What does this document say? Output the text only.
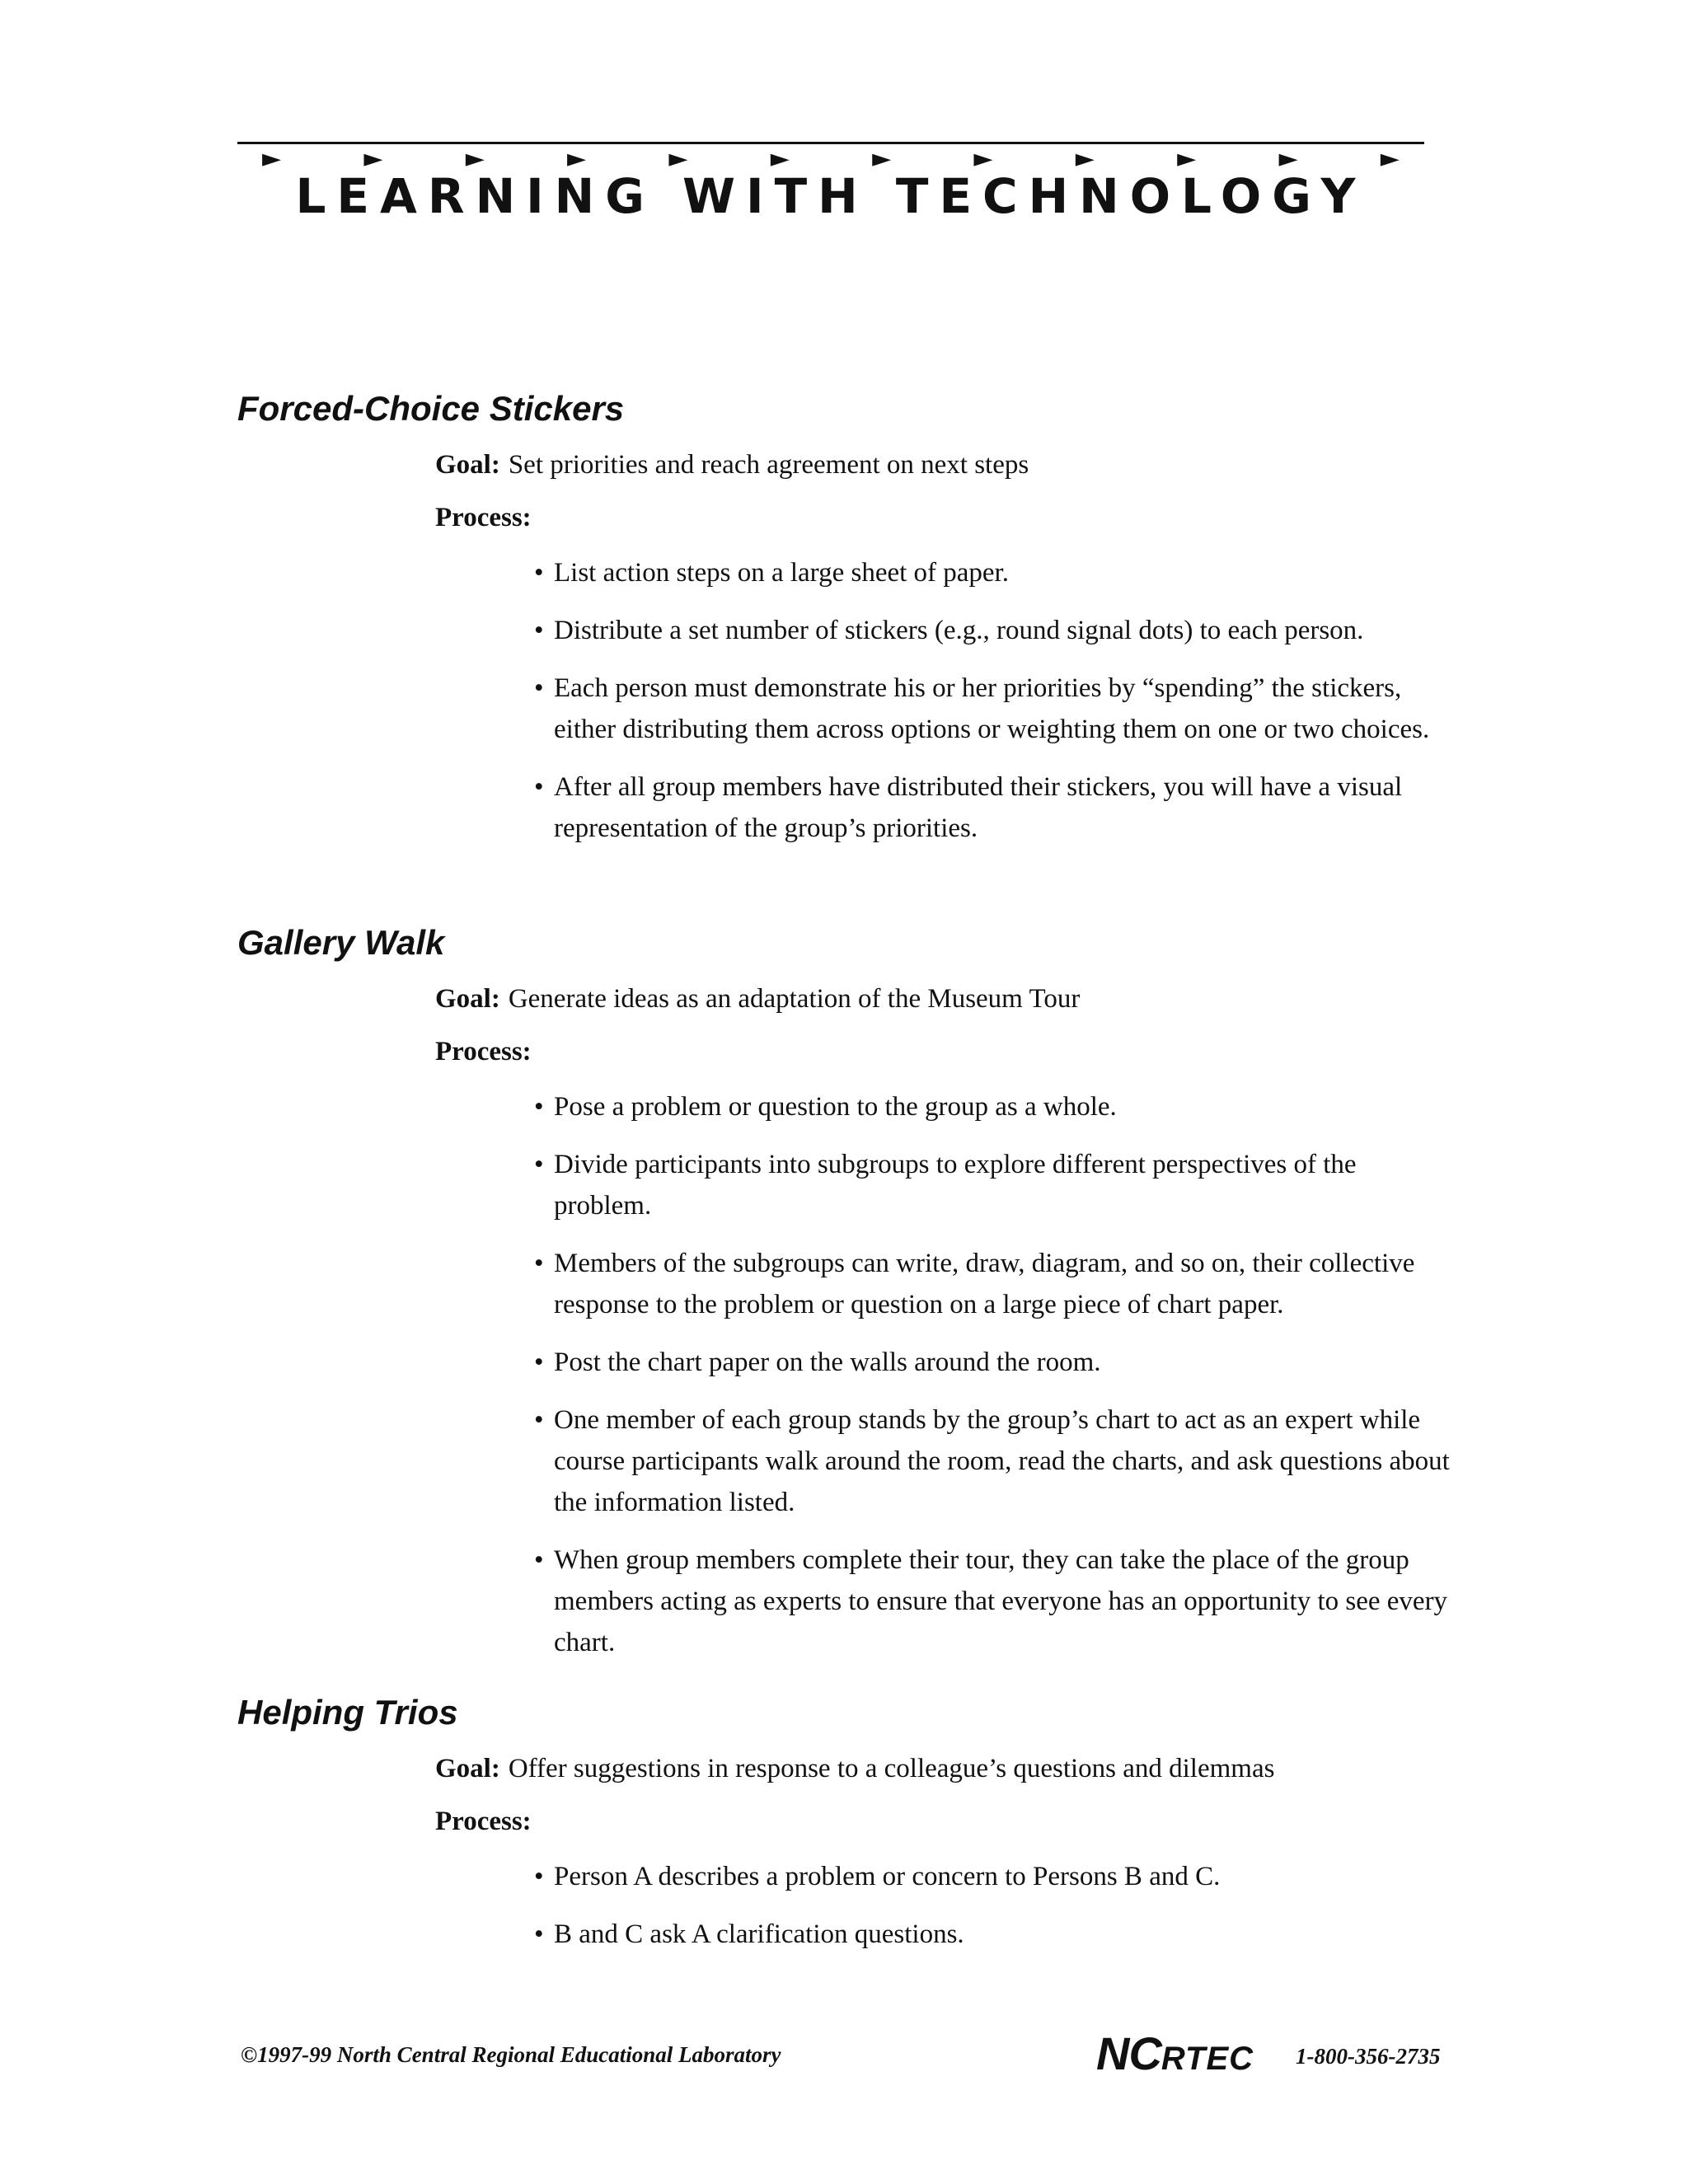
►	►	►	►	►	►	►	►	►	►	►	►
LEARNING WITH TECHNOLOGY
Forced-Choice Stickers
Goal: Set priorities and reach agreement on next steps
Process:
• List action steps on a large sheet of paper.
• Distribute a set number of stickers (e.g., round signal dots) to each person.
• Each person must demonstrate his or her priorities by “spending” the stickers, either distributing them across options or weighting them on one or two choices.
• After all group members have distributed their stickers, you will have a visual representation of the group’s priorities.
Gallery Walk
Goal: Generate ideas as an adaptation of the Museum Tour
Process:
• Pose a problem or question to the group as a whole.
• Divide participants into subgroups to explore different perspectives of the problem.
• Members of the subgroups can write, draw, diagram, and so on, their collective response to the problem or question on a large piece of chart paper.
• Post the chart paper on the walls around the room.
• One member of each group stands by the group’s chart to act as an expert while course participants walk around the room, read the charts, and ask questions about the information listed.
• When group members complete their tour, they can take the place of the group members acting as experts to ensure that everyone has an opportunity to see every chart.
Helping Trios
Goal: Offer suggestions in response to a colleague’s questions and dilemmas
Process:
• Person A describes a problem or concern to Persons B and C.
• B and C ask A clarification questions.
©1997-99 North Central Regional Educational Laboratory	NCRTEC 1-800-356-2735
